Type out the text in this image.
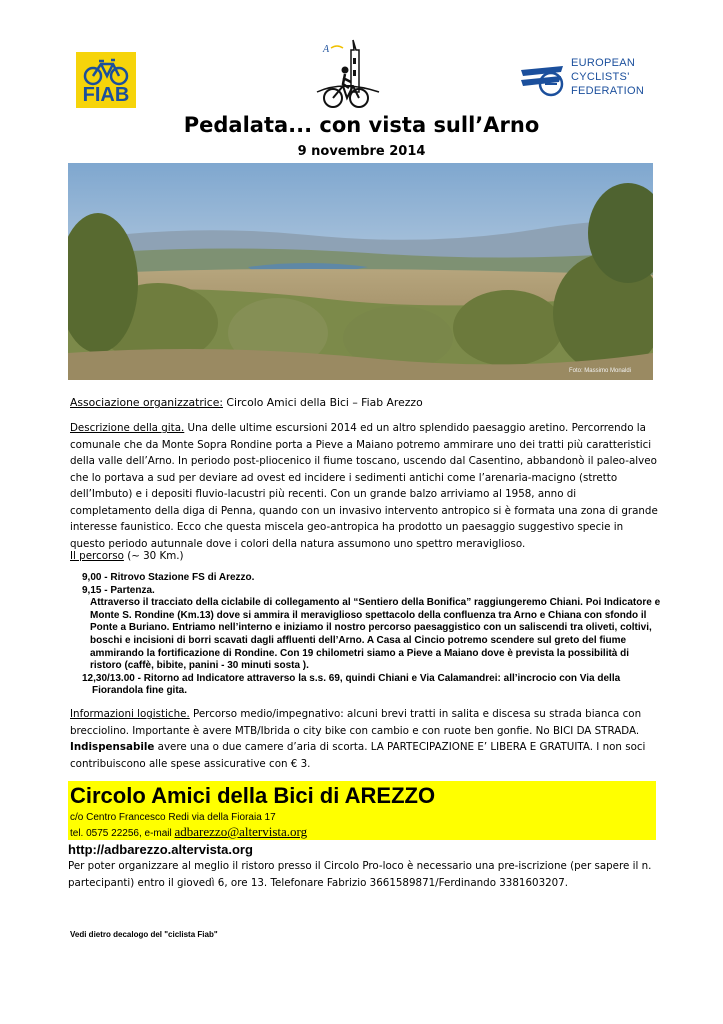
FIAB
A
EUROPEAN
CYCLISTS'
FEDERATION
Pedalata... con vista sull’Arno
9 novembre 2014
Foto: Massimo Monaldi
Associazione organizzatrice: Circolo Amici della Bici – Fiab Arezzo
Descrizione della gita. Una delle ultime escursioni 2014 ed un altro splendido paesaggio aretino. Percorrendo la comunale che da Monte Sopra Rondine porta a Pieve a Maiano potremo ammirare uno dei tratti più caratteristici della valle dell’Arno. In periodo post-pliocenico il fiume toscano, uscendo dal Casentino, abbandonò il paleo-alveo che lo portava a sud per deviare ad ovest ed incidere i sedimenti antichi come l’arenaria-macigno (stretto dell’Imbuto) e i depositi fluvio-lacustri più recenti. Con un grande balzo arriviamo al 1958, anno di completamento della diga di Penna, quando con un invasivo intervento antropico si è formata una zona di grande interesse faunistico. Ecco che questa miscela geo-antropica ha prodotto un paesaggio suggestivo specie in questo periodo autunnale dove i colori della natura assumono uno spettro meraviglioso.
Il percorso (~ 30 Km.)
9,00 - Ritrovo Stazione FS di Arezzo.
9,15 - Partenza.
Attraverso il tracciato della ciclabile di collegamento al “Sentiero della Bonifica” raggiungeremo Chiani. Poi Indicatore e Monte S. Rondine (Km.13) dove si ammira il meraviglioso spettacolo della confluenza tra Arno e Chiana con sfondo il Ponte a Buriano. Entriamo nell’interno e iniziamo il nostro percorso paesaggistico con un saliscendi tra oliveti, coltivi, boschi e incisioni di borri scavati dagli affluenti dell’Arno. A Casa al Cincio potremo scendere sul greto del fiume ammirando la fortificazione di Rondine. Con 19 chilometri siamo a Pieve a Maiano dove è prevista la possibilità di ristoro (caffè, bibite, panini - 30 minuti sosta ).
12,30/13.00 - Ritorno ad Indicatore attraverso la s.s. 69, quindi Chiani e Via Calamandrei: all’incrocio con Via della Fiorandola fine gita.
Informazioni logistiche. Percorso medio/impegnativo: alcuni brevi tratti in salita e discesa su strada bianca con brecciolino. Importante è avere MTB/Ibrida o city bike con cambio e con ruote ben gonfie. No BICI DA STRADA.
Indispensabile avere una o due camere d’aria di scorta. LA PARTECIPAZIONE E’ LIBERA E GRATUITA. I non soci contribuiscono alle spese assicurative con € 3.
Circolo Amici della Bici di AREZZO
c/o Centro Francesco Redi via della Fioraia 17
tel. 0575 22256, e-mail adbarezzo@altervista.org
http://adbarezzo.altervista.org
Per poter organizzare al meglio il ristoro presso il Circolo Pro-loco è necessario una pre-iscrizione (per sapere il n. partecipanti) entro il giovedì 6, ore 13. Telefonare Fabrizio 3661589871/Ferdinando 3381603207.
Vedi dietro decalogo del "ciclista Fiab"
